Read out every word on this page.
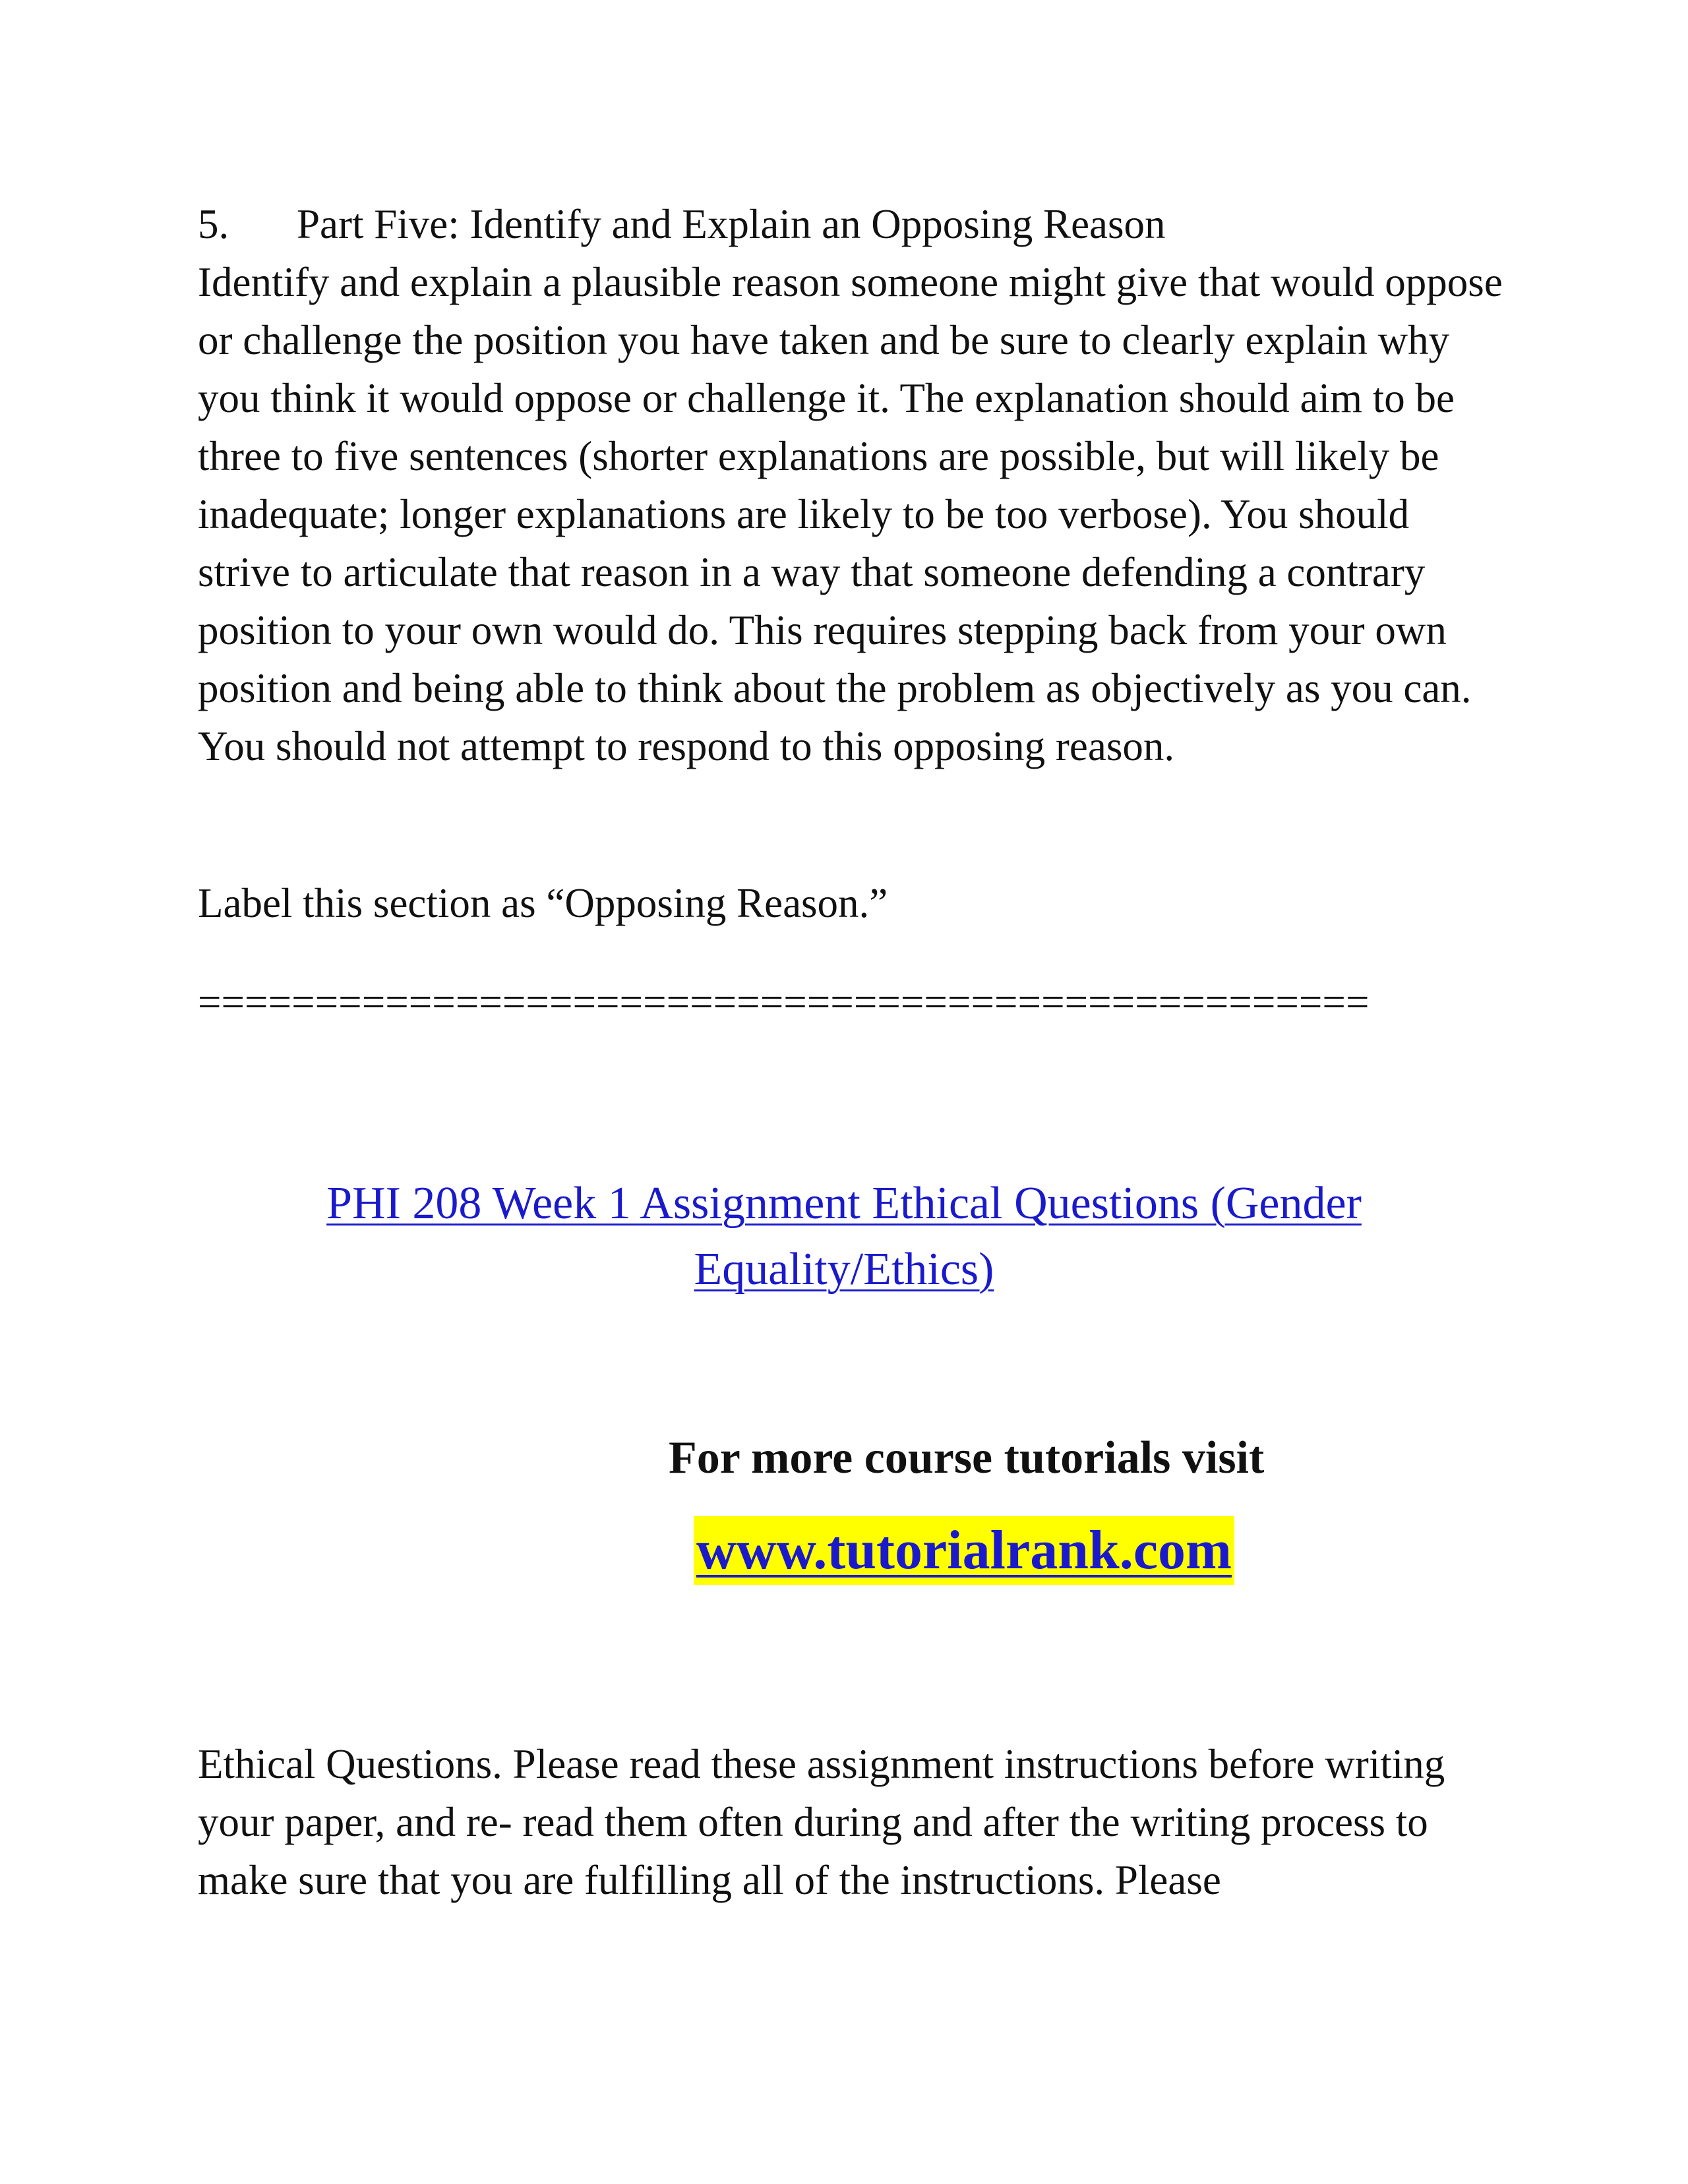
5. Part Five: Identify and Explain an Opposing Reason

Identify and explain a plausible reason someone might give that would oppose or challenge the position you have taken and be sure to clearly explain why you think it would oppose or challenge it. The explanation should aim to be three to five sentences (shorter explanations are possible, but will likely be inadequate; longer explanations are likely to be too verbose). You should strive to articulate that reason in a way that someone defending a contrary position to your own would do. This requires stepping back from your own position and being able to think about the problem as objectively as you can. You should not attempt to respond to this opposing reason.

Label this section as “Opposing Reason.”

==================================================
PHI 208 Week 1 Assignment Ethical Questions (Gender Equality/Ethics)
For more course tutorials visit
www.tutorialrank.com

Ethical Questions. Please read these assignment instructions before writing your paper, and re- read them often during and after the writing process to make sure that you are fulfilling all of the instructions. Please
